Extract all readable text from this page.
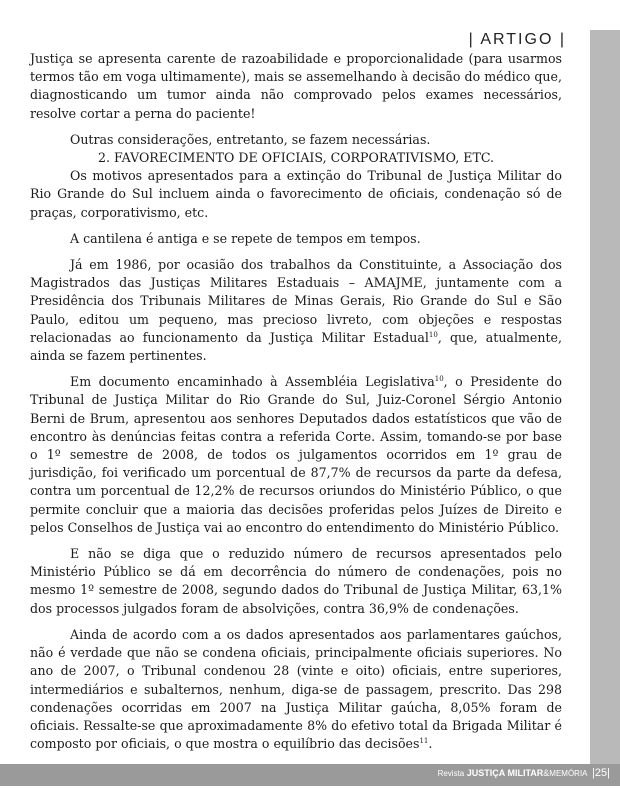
| ARTIGO |

Justiça se apresenta carente de razoabilidade e proporcionalidade (para usarmos termos tão em voga ultimamente), mais se assemelhando à decisão do médico que, diagnosticando um tumor ainda não comprovado pelos exames necessários, resolve cortar a perna do paciente!

Outras considerações, entretanto, se fazem necessárias.

2. FAVORECIMENTO DE OFICIAIS, CORPORATIVISMO, ETC.

Os motivos apresentados para a extinção do Tribunal de Justiça Militar do Rio Grande do Sul incluem ainda o favorecimento de oficiais, condenação só de praças, corporativismo, etc.

A cantilena é antiga e se repete de tempos em tempos.

Já em 1986, por ocasião dos trabalhos da Constituinte, a Associação dos Magistrados das Justiças Militares Estaduais – AMAJME, juntamente com a Presidência dos Tribunais Militares de Minas Gerais, Rio Grande do Sul e São Paulo, editou um pequeno, mas precioso livreto, com objeções e respostas relacionadas ao funcionamento da Justiça Militar Estadual$^{10}$, que, atualmente, ainda se fazem pertinentes.

Em documento encaminhado à Assembléia Legislativa$^{10}$, o Presidente do Tribunal de Justiça Militar do Rio Grande do Sul, Juiz-Coronel Sérgio Antonio Berni de Brum, apresentou aos senhores Deputados dados estatísticos que vão de encontro às denúncias feitas contra a referida Corte. Assim, tomando-se por base o 1º semestre de 2008, de todos os julgamentos ocorridos em 1º grau de jurisdição, foi verificado um porcentual de 87,7% de recursos da parte da defesa, contra um porcentual de 12,2% de recursos oriundos do Ministério Público, o que permite concluir que a maioria das decisões proferidas pelos Juízes de Direito e pelos Conselhos de Justiça vai ao encontro do entendimento do Ministério Público.

E não se diga que o reduzido número de recursos apresentados pelo Ministério Público se dá em decorrência do número de condenações, pois no mesmo 1º semestre de 2008, segundo dados do Tribunal de Justiça Militar, 63,1% dos processos julgados foram de absolvições, contra 36,9% de condenações.

Ainda de acordo com a os dados apresentados aos parlamentares gaúchos, não é verdade que não se condena oficiais, principalmente oficiais superiores. No ano de 2007, o Tribunal condenou 28 (vinte e oito) oficiais, entre superiores, intermediários e subalternos, nenhum, diga-se de passagem, prescrito. Das 298 condenações ocorridas em 2007 na Justiça Militar gaúcha, 8,05% foram de oficiais. Ressalte-se que aproximadamente 8% do efetivo total da Brigada Militar é composto por oficiais, o que mostra o equilíbrio das decisões$^{11}$.

Revista JUSTIÇA MILITAR&MEMÓRIA |25|
